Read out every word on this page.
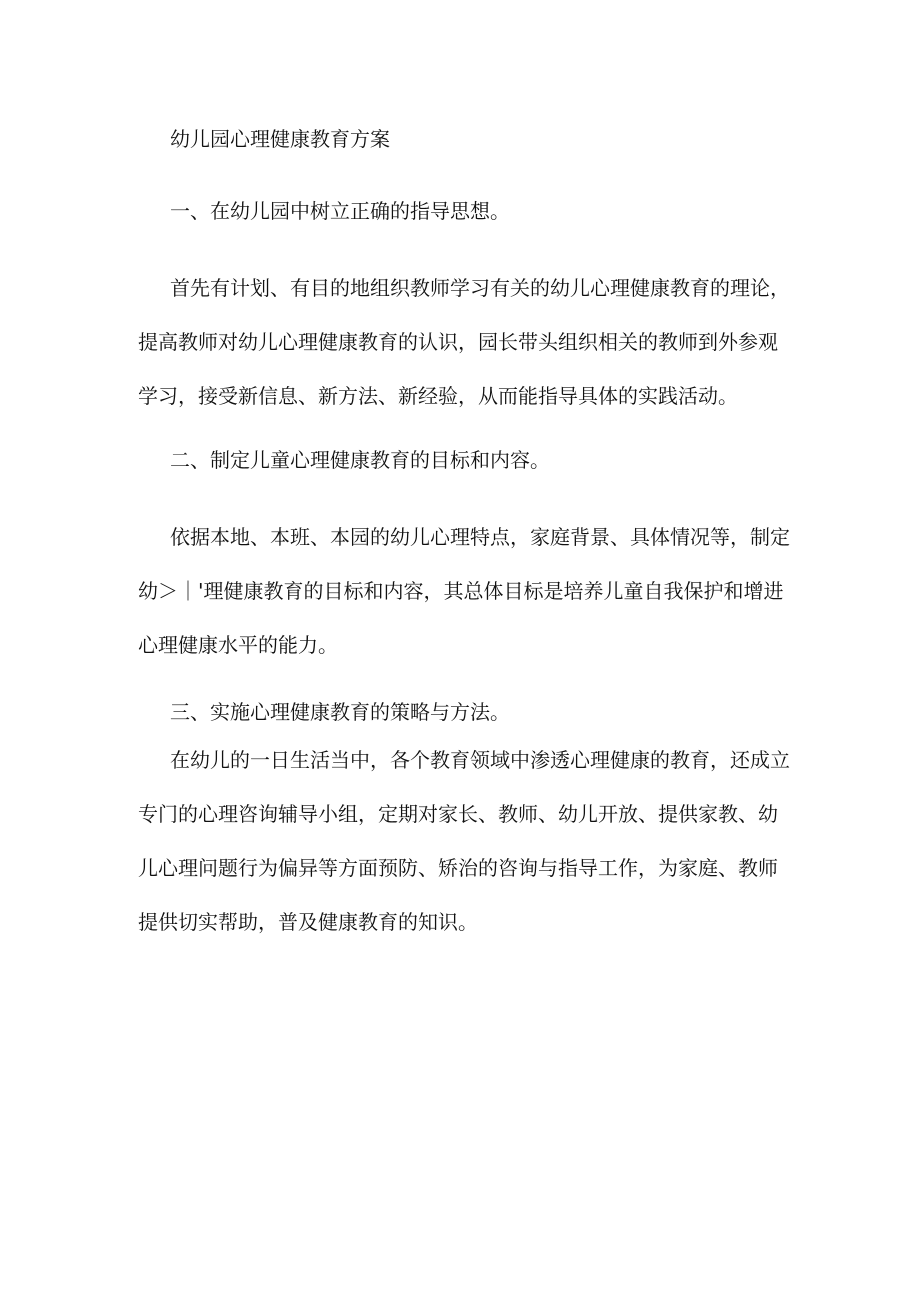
幼儿园心理健康教育方案
一、在幼儿园中树立正确的指导思想。
首先有计划、有目的地组织教师学习有关的幼儿心理健康教育的理论，
提高教师对幼儿心理健康教育的认识，园长带头组织相关的教师到外参观
学习，接受新信息、新方法、新经验，从而能指导具体的实践活动。
二、制定儿童心理健康教育的目标和内容。
依据本地、本班、本园的幼儿心理特点，家庭背景、具体情况等，制定
幼＞｜'理健康教育的目标和内容，其总体目标是培养儿童自我保护和增进
心理健康水平的能力。
三、实施心理健康教育的策略与方法。
在幼儿的一日生活当中，各个教育领域中渗透心理健康的教育，还成立
专门的心理咨询辅导小组，定期对家长、教师、幼儿开放、提供家教、幼
儿心理问题行为偏异等方面预防、矫治的咨询与指导工作，为家庭、教师
提供切实帮助，普及健康教育的知识。
